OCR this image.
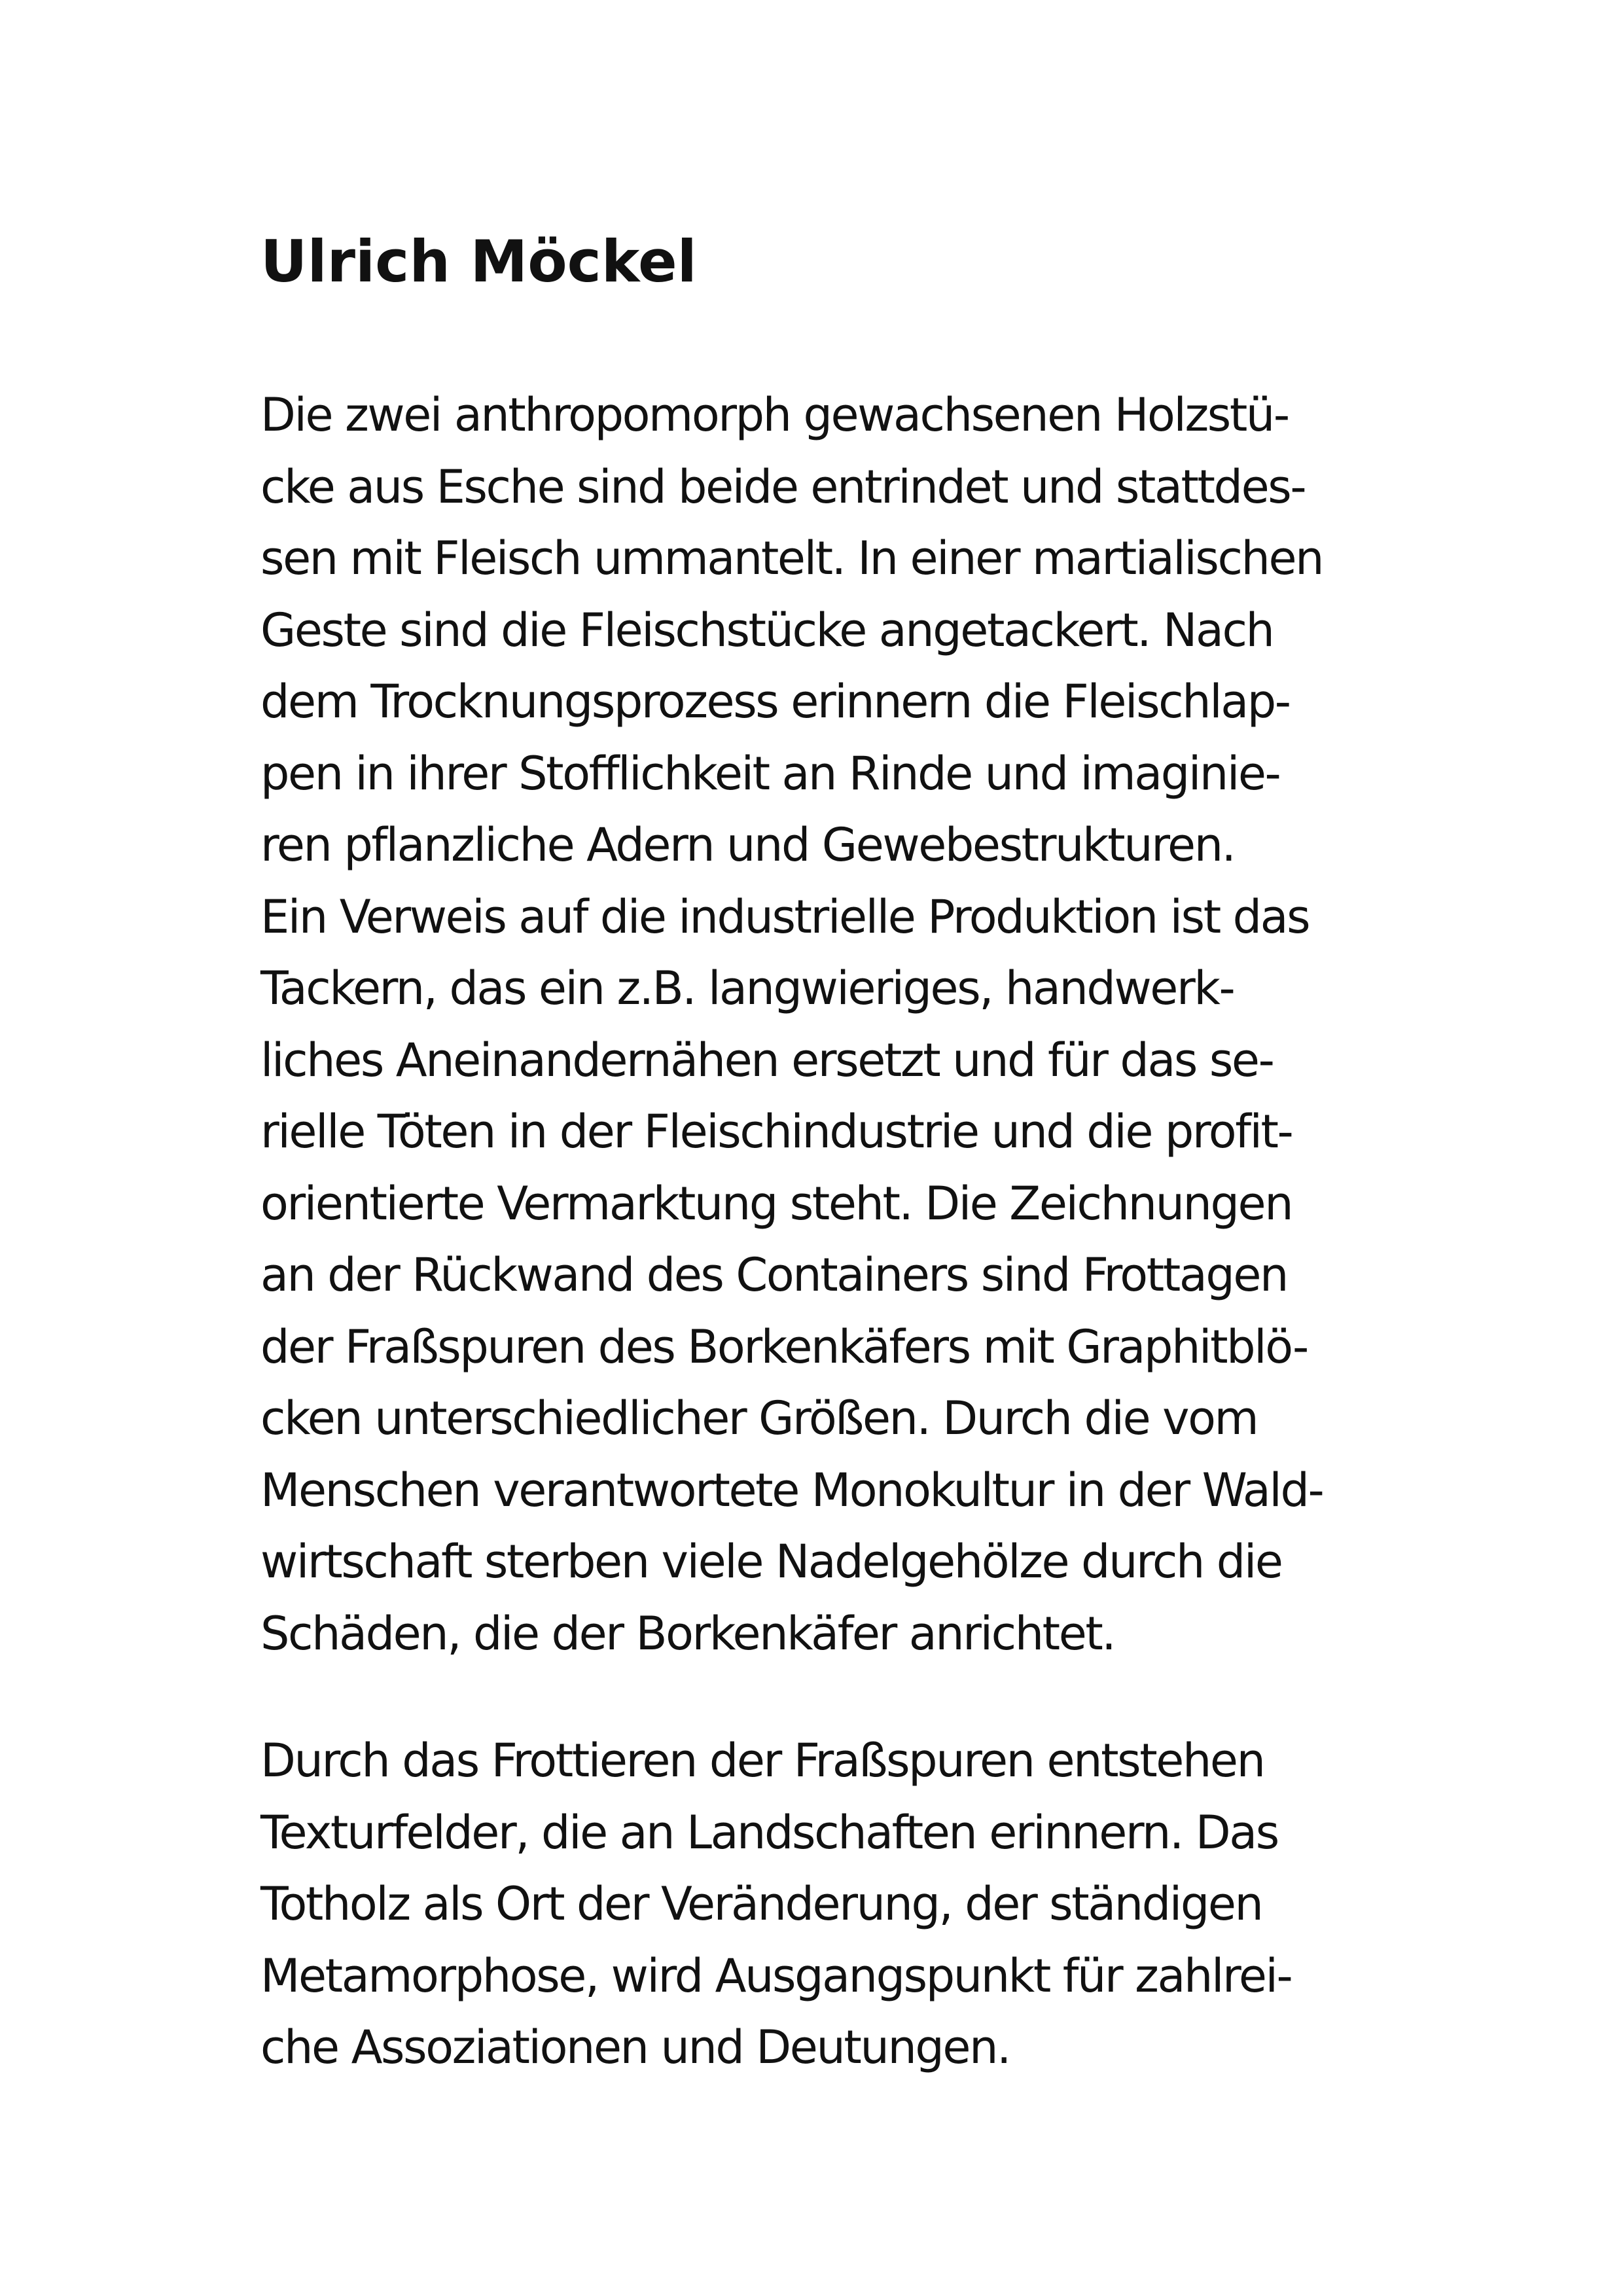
Ulrich Möckel

Die zwei anthropomorph gewachsenen Holzstü-
cke aus Esche sind beide entrindet und stattdes-
sen mit Fleisch ummantelt. In einer martialischen
Geste sind die Fleischstücke angetackert. Nach
dem Trocknungsprozess erinnern die Fleischlap-
pen in ihrer Stofflichkeit an Rinde und imaginie-
ren pflanzliche Adern und Gewebestrukturen.
Ein Verweis auf die industrielle Produktion ist das
Tackern, das ein z.B. langwieriges, handwerk-
liches Aneinandernähen ersetzt und für das se-
rielle Töten in der Fleischindustrie und die profit-
orientierte Vermarktung steht. Die Zeichnungen
an der Rückwand des Containers sind Frottagen
der Fraßspuren des Borkenkäfers mit Graphitblö-
cken unterschiedlicher Größen. Durch die vom
Menschen verantwortete Monokultur in der Wald-
wirtschaft sterben viele Nadelgehölze durch die
Schäden, die der Borkenkäfer anrichtet.

Durch das Frottieren der Fraßspuren entstehen
Texturfelder, die an Landschaften erinnern. Das
Totholz als Ort der Veränderung, der ständigen
Metamorphose, wird Ausgangspunkt für zahlrei-
che Assoziationen und Deutungen.
